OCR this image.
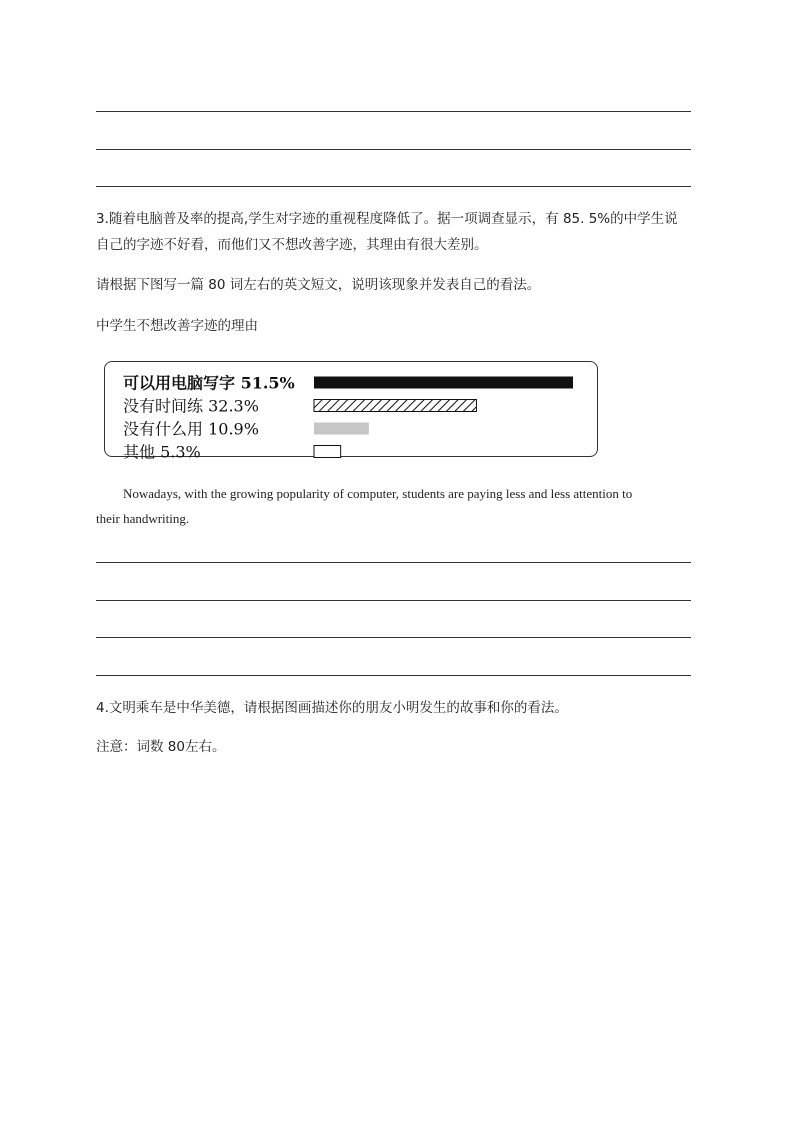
3.随着电脑普及率的提高,学生对字迹的重视程度降低了。据一项调查显示，有 85. 5%的中学生说
自己的字迹不好看，而他们又不想改善字迹，其理由有很大差别。
请根据下图写一篇 80 词左右的英文短文，说明该现象并发表自己的看法。
中学生不想改善字迹的理由
可以用电脑写字 51.5%
没有时间练 32.3%
没有什么用 10.9%
其他 5.3%
Nowadays, with the growing popularity of computer, students are paying less and less attention to
their handwriting.
4.文明乘车是中华美德，请根据图画描述你的朋友小明发生的故事和你的看法。
注意：词数 80左右。
